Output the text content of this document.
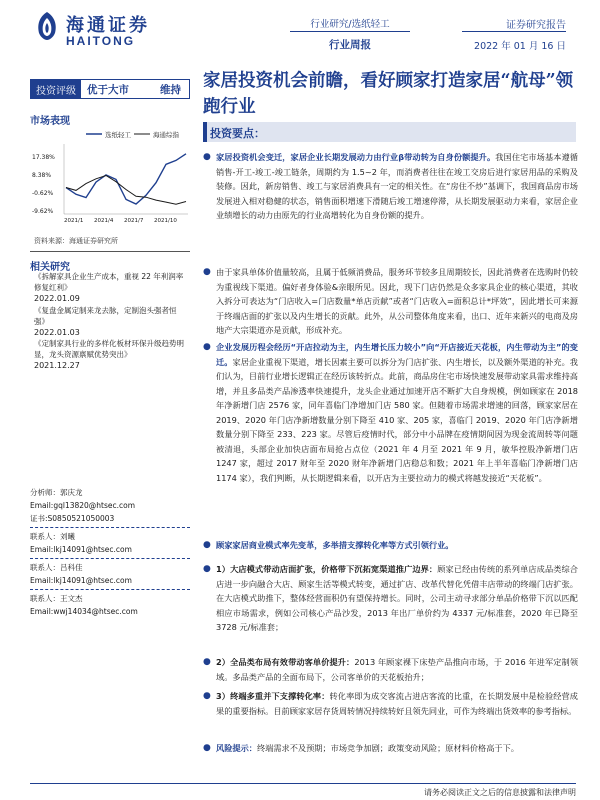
海通证券
HAITONG
行业研究/选纸轻工
行业周报
证券研究报告
2022 年 01 月 16 日
投资评级	优于大市	维持	家居投资机会前瞻，看好顾家打造家居“航母”领跑行业
市场表现
选纸轻工	海通综指
17.38%
8.38%
-0.62%
-9.62%
2021/1 2021/4 2021/7 2021/10
资料来源：海通证券研究所
相关研究
《拆解家具企业生产成本，重视 22 年利润率修复红利》
2022.01.09
《复盘金属定制来龙去脉，定制泡头强者恒强》
2022.01.03
《定制家具行业的多样化板材环保升级趋势明显，龙头资源禀赋优势突出》
2021.12.27
分析师：郭庆龙
Email:gql13820@htsec.com
证书:S0850521050003
联系人：刘曦
Email:lkj14091@htsec.com
联系人：吕科佳
Email:lkj14091@htsec.com
联系人：王文杰
Email:wwj14034@htsec.com
投资要点：
● 家居投资机会变迁，家居企业长期发展动力由行业β带动转为自身份额提升。我国住宅市场基本遵循销售-开工-竣工-竣工链条，周期约为 1.5~2 年，而消费者往往在竣工交房后进行家居用品的采购及装修。因此，新房销售、竣工与家居消费具有一定的相关性。在“房住不炒”基调下，我国商品房市场发展进入相对稳健的状态，销售面积增速下滑随后竣工增速停滞，从长期发展驱动力来看，家居企业业绩增长的动力由原先的行业高增转化为自身份额的提升。
● 由于家具单体价值量较高，且属于低频消费品，服务环节较多且周期较长，因此消费者在选购时仍较为重视线下渠道。偏好者身体验&亲眼所见。因此，现下门店仍然是众多家具企业的核心渠道，其收入拆分可表达为“门店收入=门店数量*单店贡献”或者“门店收入=面积总计*坪效”，因此增长可来源于终端店面的扩张以及内生增长的贡献。此外，从公司整体角度来看，出口、近年来新兴的电商及房地产大宗渠道亦是贡献，形成补充。
● 企业发展历程会经历“开店拉动为主，内生增长压力较小”向“开店接近天花板，内生带动为主”的变迁。家居企业重视下渠道，增长因素主要可以拆分为门店扩张、内生增长，以及额外渠道的补充。我们认为，目前行业增长逻辑正在经历该转折点。此前，商品房住宅市场快速发展带动家具需求维持高增，并且多品类产品渗透率快速提升，龙头企业通过加速开店不断扩大自身规模，例如顾家在 2018 年净新增门店 2576 家，同年喜临门净增加门店 580 家。但随着市场需求增速的回落，顾家家居在 2019、2020 年门店净新增数量分别下降至 410 家、205 家，喜临门 2019、2020 年门店净新增数量分别下降至 233、223 家。尽管后疫情时代，部分中小品牌在疫情期间因为现金流周转等问题被清退，头部企业加快店面布局抢占点位（2021 年 4 月至 2021 年 9 月，敏华控股净新增门店 1247 家，超过 2017 财年至 2020 财年净新增门店稳总和数；2021 年上半年喜临门净新增门店 1174 家），我们判断，从长期逻辑来看，以开店为主要拉动力的模式将越发接近“天花板”。
● 顾家家居商业模式率先变革，多举措支撑转化率等方式引领行业。
● 1）大店模式带动店面扩张，价格带下沉拓宽渠道推广边界：顾家已经由传统的系列单店成品类综合店进一步向融合大店、顾家生活等模式转变，通过扩店、改革代替化凭借丰店带动的终端门店扩张。在大店模式助推下，整体经营面积仍有望保持增长。同时，公司主动寻求部分单品价格带下沉以匹配相应市场需求，例如公司核心产品沙发，2013 年出厂单价约为 4337 元/标准套，2020 年已降至 3728 元/标准套；
● 2）全品类布局有效带动客单价提升：2013 年顾家裸下床垫产品推向市场，于 2016 年进军定制领域。多品类产品的全面布局下，公司客单价的天花板抬升；
● 3）终端多重并下支撑转化率：转化率即为成交客流占进店客流的比重，在长期发展中是检验经营成果的重要指标。目前顾家家居存货周转情况持续转好且领先同业，可作为终端出货效率的参考指标。
● 风险提示：终端需求不及预期；市场竞争加剧；政策变动风险；原材料价格高于下。
请务必阅读正文之后的信息披露和法律声明
